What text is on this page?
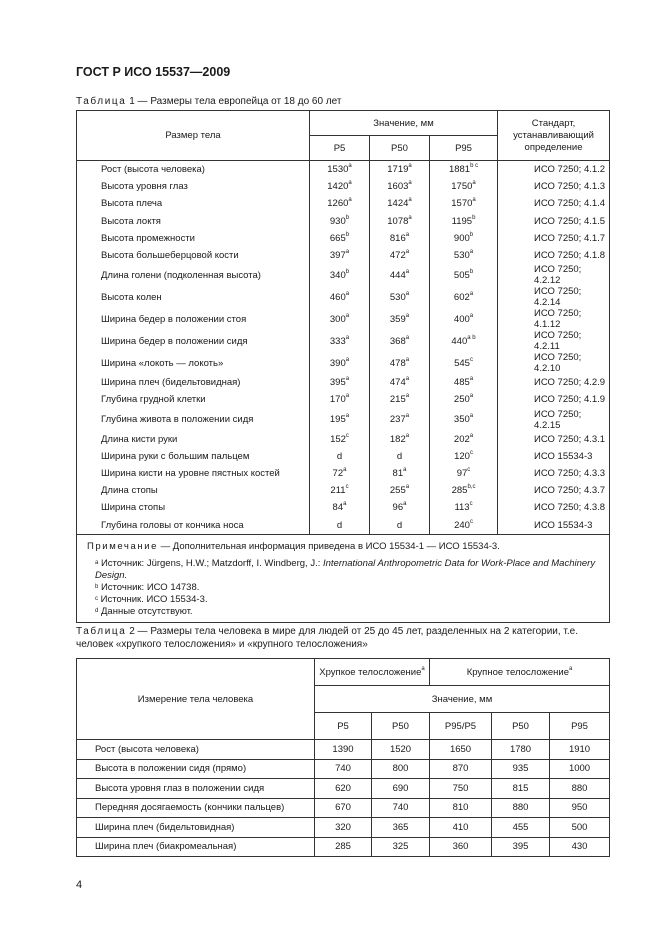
ГОСТ Р ИСО 15537—2009
Таблица 1 — Размеры тела европейца от 18 до 60 лет
Размер тела	Значение, мм			Стандарт, устанавливающий определение
	P5	P50	P95	
Рост (высота человека)	1530$^a$	1719$^a$	$1881^{b c}$	ИСО 7250; 4.1.2
Высота уровня глаз	1420$^a$	1603$^a$	1750$^a$	ИСО 7250; 4.1.3
Высота плеча	1260$^a$	1424$^a$	1570$^a$	ИСО 7250; 4.1.4
Высота локтя	930$^b$	1078$^a$	1195$^b$	ИСО 7250; 4.1.5
Высота промежности	665$^b$	816$^a$	900$^b$	ИСО 7250; 4.1.7
Высота большеберцовой кости	397$^a$	472$^a$	530$^a$	ИСО 7250; 4.1.8
Длина голени (подколенная высота)	340$^b$	444$^a$	505$^b$	ИСО 7250; 4.2.12
Высота колен	460$^a$	530$^a$	602$^a$	ИСО 7250; 4.2.14
Ширина бедер в положении стоя	300$^a$	359$^a$	400$^a$	ИСО 7250; 4.1.12
Ширина бедер в положении сидя	333$^a$	368$^a$	$440^{a b}$	ИСО 7250; 4.2.11
Ширина «локоть — локоть»	390$^a$	478$^a$	545$^c$	ИСО 7250; 4.2.10
Ширина плеч (бидельтовидная)	395$^a$	474$^a$	485$^a$	ИСО 7250; 4.2.9
Глубина грудной клетки	170$^a$	215$^a$	250$^a$	ИСО 7250; 4.1.9
Глубина живота в положении сидя	195$^a$	237$^a$	350$^a$	ИСО 7250; 4.2.15
Длина кисти руки	152$^c$	182$^a$	202$^a$	ИСО 7250; 4.3.1
Ширина руки с большим пальцем	d	d	120$^c$	ИСО 15534-3
Ширина кисти на уровне пястных костей	72$^a$	81$^a$	97$^c$	ИСО 7250; 4.3.3
Длина стопы	211$^c$	255$^a$	285$^{b,c}$	ИСО 7250; 4.3.7
Ширина стопы	84$^a$	96$^a$	113$^c$	ИСО 7250; 4.3.8
Глубина головы от кончика носа	d	d	240$^c$	ИСО 15534-3

Примечание — Дополнительная информация приведена в ИСО 15534-1 — ИСО 15534-3.

$^a$ Источник: Jürgens, H.W.; Matzdorff, I. Windberg, J.: International Anthropometric Data for Work-Place and Machinery Design.

$^b$ Источник: ИСО 14738.

$^c$ Источник. ИСО 15534-3.

$^d$ Данные отсутствуют.				

Таблица 2 — Размеры тела человека в мире для людей от 25 до 45 лет, разделенных на 2 категории, т.е. человек «хрупкого телосложения» и «крупного телосложения»
Измерение тела человека	Хрупкое телосложение$^a$		Крупное телосложение$^a$
	Значение, мм				
	P5	P50	P95/P5	P50	P95
Рост (высота человека)	1390	1520	1650	1780	1910
Высота в положении сидя (прямо)	740	800	870	935	1000
Высота уровня глаз в положении сидя	620	690	750	815	880
Передняя досягаемость (кончики пальцев)	670	740	810	880	950
Ширина плеч (бидельтовидная)	320	365	410	455	500
Ширина плеч (биакромеальная)	285	325	360	395	430
4
